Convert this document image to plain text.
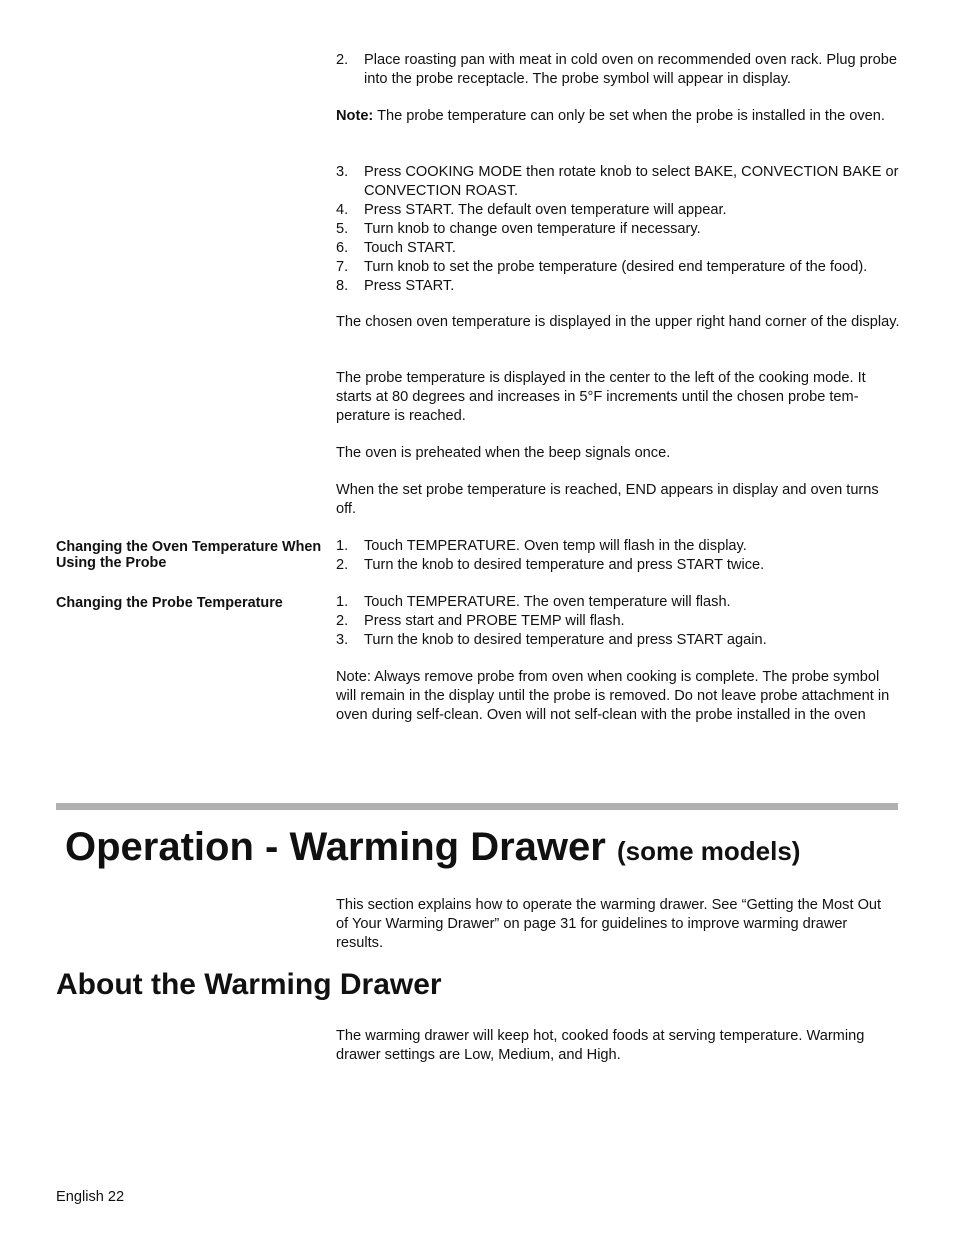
2. Place roasting pan with meat in cold oven on recommended oven rack. Plug probe into the probe receptacle. The probe symbol will appear in display.
Note: The probe temperature can only be set when the probe is installed in the oven.
3. Press COOKING MODE then rotate knob to select BAKE, CONVECTION BAKE or CONVECTION ROAST.
4. Press START. The default oven temperature will appear.
5. Turn knob to change oven temperature if necessary.
6. Touch START.
7. Turn knob to set the probe temperature (desired end temperature of the food).
8. Press START.
The chosen oven temperature is displayed in the upper right hand corner of the display.
The probe temperature is displayed in the center to the left of the cooking mode. It starts at 80 degrees and increases in 5°F increments until the chosen probe tem-perature is reached.
The oven is preheated when the beep signals once.
When the set probe temperature is reached, END appears in display and oven turns off.
Changing the Oven Temperature When Using the Probe
1. Touch TEMPERATURE. Oven temp will flash in the display.
2. Turn the knob to desired temperature and press START twice.
Changing the Probe Temperature	1. Touch TEMPERATURE. The oven temperature will flash.
2. Press start and PROBE TEMP will flash.
3. Turn the knob to desired temperature and press START again.
Note: Always remove probe from oven when cooking is complete. The probe symbol will remain in the display until the probe is removed. Do not leave probe attachment in oven during self-clean. Oven will not self-clean with the probe installed in the oven
Operation - Warming Drawer (some models)
This section explains how to operate the warming drawer. See “Getting the Most Out of Your Warming Drawer” on page 31 for guidelines to improve warming drawer results.
About the Warming Drawer
The warming drawer will keep hot, cooked foods at serving temperature. Warming drawer settings are Low, Medium, and High.
English 22
